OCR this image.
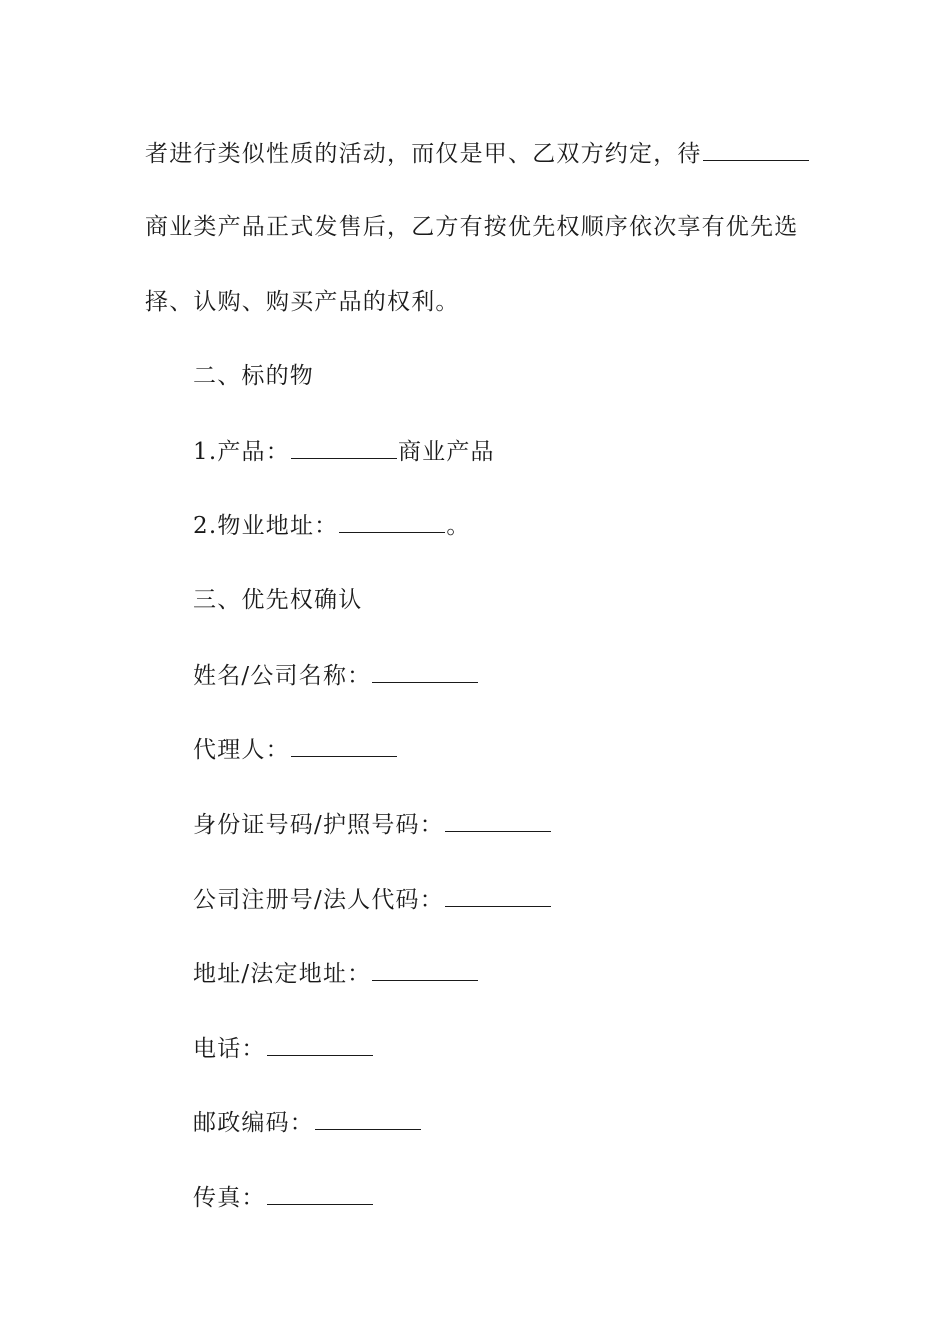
者进行类似性质的活动，而仅是甲、乙双方约定，待
商业类产品正式发售后，乙方有按优先权顺序依次享有优先选
择、认购、购买产品的权利。
二、标的物
1.产品：	商业产品
2.物业地址：	。
三、优先权确认
姓名/公司名称：
代理人：
身份证号码/护照号码：
公司注册号/法人代码：
地址/法定地址：
电话：
邮政编码：
传真：
